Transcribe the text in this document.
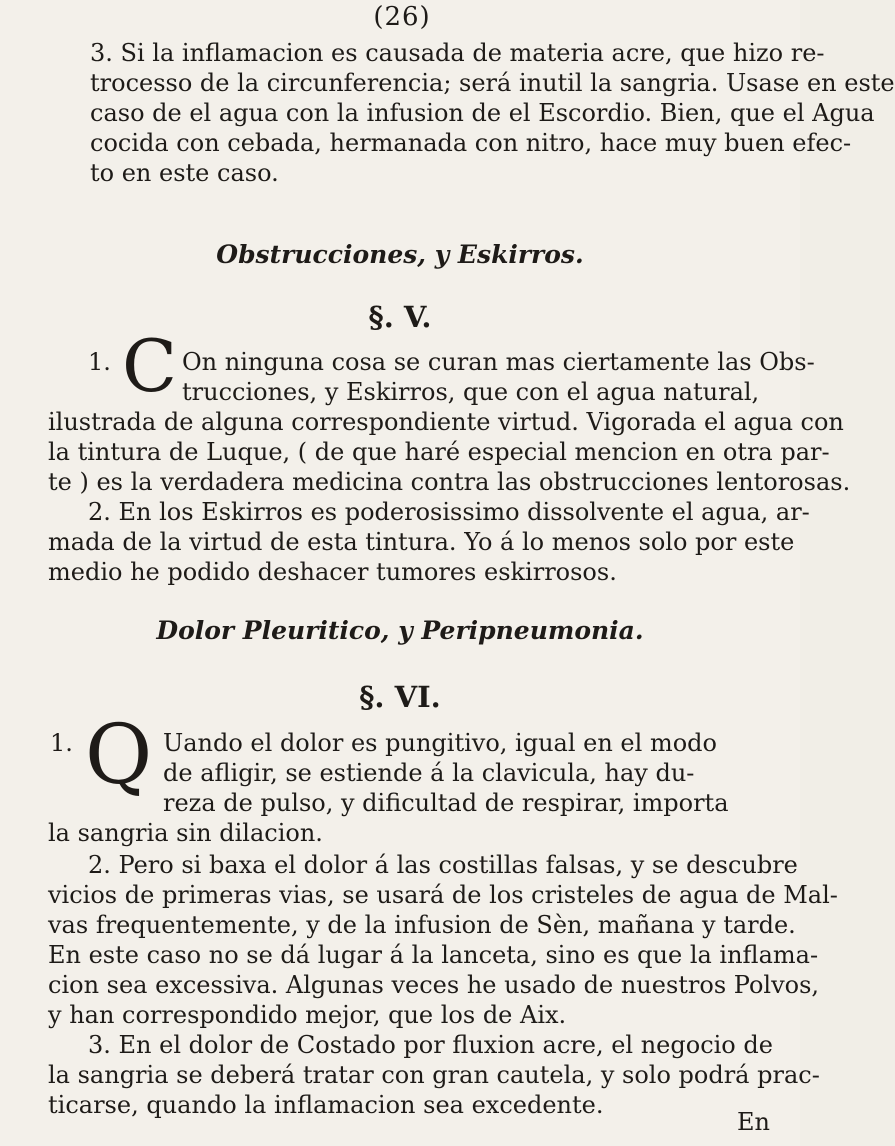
(26)
3. Si la inflamacion es causada de materia acre, que hizo re-
trocesso de la circunferencia; será inutil la sangria. Usase en este
caso de el agua con la infusion de el Escordio. Bien, que el Agua
cocida con cebada, hermanada con nitro, hace muy buen efec-
to en este caso.
Obstrucciones, y Eskirros.
§. V.
1. C On ninguna cosa se curan mas ciertamente las Obs-
trucciones, y Eskirros, que con el agua natural,
ilustrada de alguna correspondiente virtud. Vigorada el agua con
la tintura de Luque, ( de que haré especial mencion en otra par-
te ) es la verdadera medicina contra las obstrucciones lentorosas.
2. En los Eskirros es poderosissimo dissolvente el agua, ar-
mada de la virtud de esta tintura. Yo á lo menos solo por este
medio he podido deshacer tumores eskirrosos.
Dolor Pleuritico, y Peripneumonia.
§. VI.
1. Q Uando el dolor es pungitivo, igual en el modo
de afligir, se estiende á la clavicula, hay du-
reza de pulso, y dificultad de respirar, importa
la sangria sin dilacion.
2. Pero si baxa el dolor á las costillas falsas, y se descubre
vicios de primeras vias, se usará de los cristeles de agua de Mal-
vas frequentemente, y de la infusion de Sèn, mañana y tarde.
En este caso no se dá lugar á la lanceta, sino es que la inflama-
cion sea excessiva. Algunas veces he usado de nuestros Polvos,
y han correspondido mejor, que los de Aix.
3. En el dolor de Costado por fluxion acre, el negocio de
la sangria se deberá tratar con gran cautela, y solo podrá prac-
ticarse, quando la inflamacion sea excedente.
En
